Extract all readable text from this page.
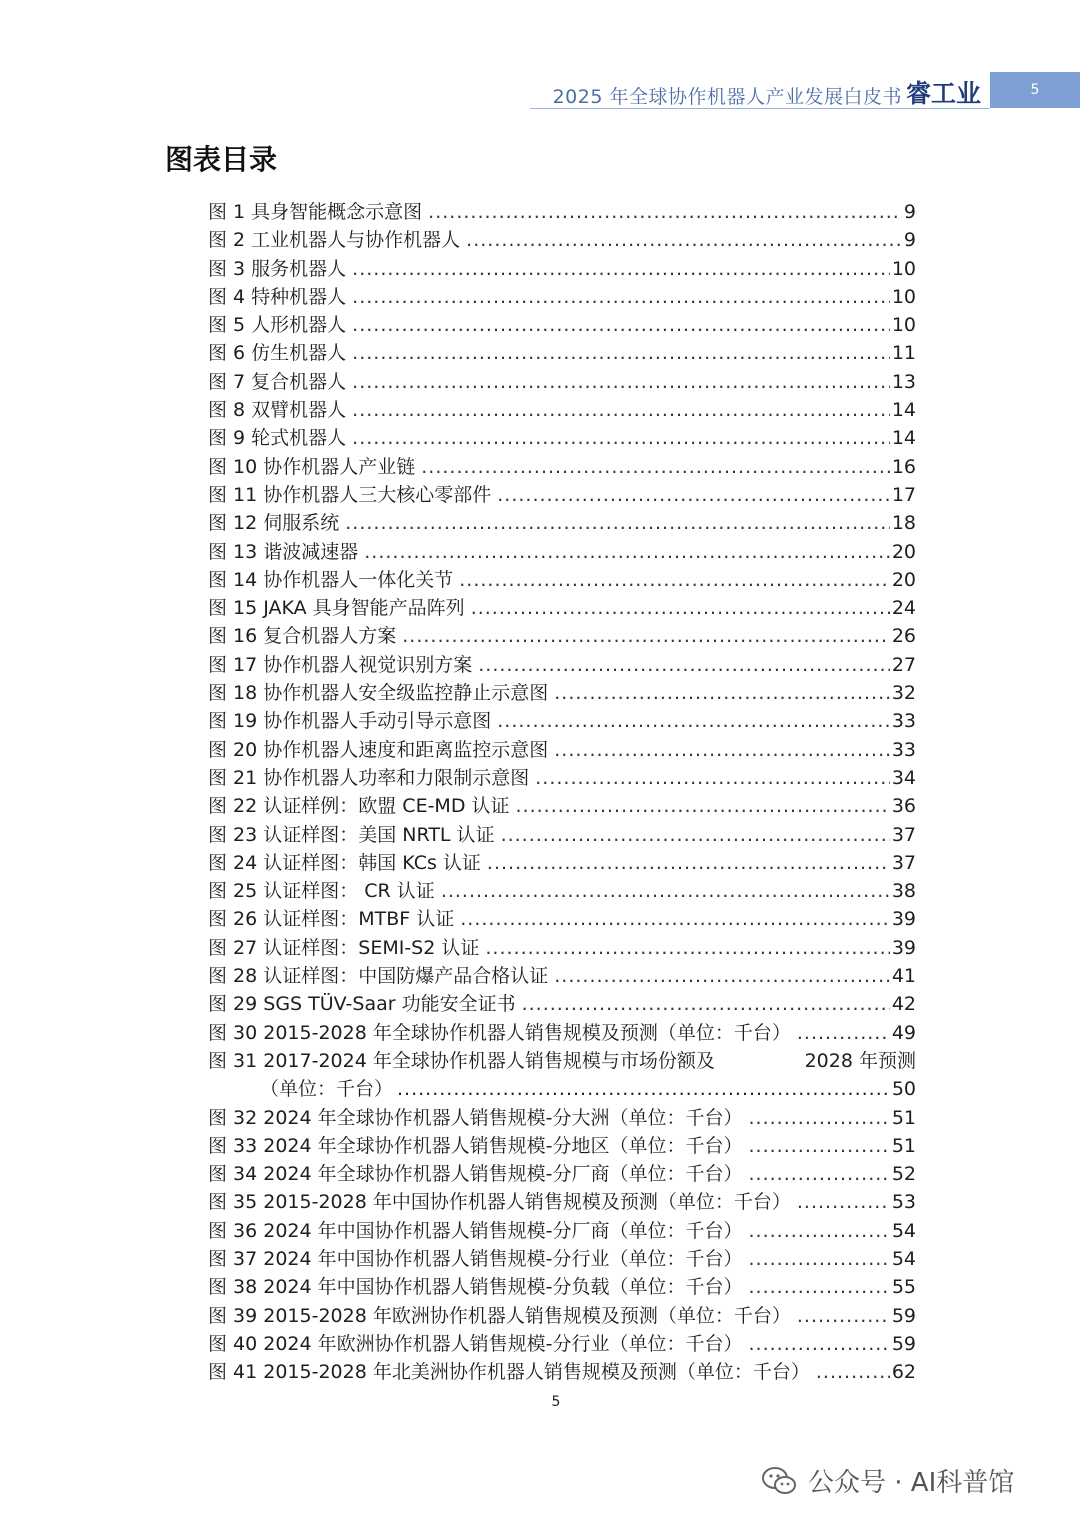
2025 年全球协作机器人产业发展白皮书 睿工业	5
图表目录
图 1 具身智能概念示意图 .....	9
图 2 工业机器人与协作机器人 .....	9
图 3 服务机器人 .....	10
图 4 特种机器人 .....	10
图 5 人形机器人 .....	10
图 6 仿生机器人 .....	11
图 7 复合机器人 .....	13
图 8 双臂机器人 .....	14
图 9 轮式机器人 .....	14
图 10 协作机器人产业链 .....	16
图 11 协作机器人三大核心零部件 .....	17
图 12 伺服系统 .....	18
图 13 谐波减速器 .....	20
图 14 协作机器人一体化关节 .....	20
图 15 JAKA 具身智能产品阵列 .....	24
图 16 复合机器人方案 .....	26
图 17 协作机器人视觉识别方案 .....	27
图 18 协作机器人安全级监控静止示意图 .....	32
图 19 协作机器人手动引导示意图 .....	33
图 20 协作机器人速度和距离监控示意图 .....	33
图 21 协作机器人功率和力限制示意图 .....	34
图 22 认证样例：欧盟 CE-MD 认证 .....	36
图 23 认证样图：美国 NRTL 认证 .....	37
图 24 认证样图：韩国 KCs 认证 .....	37
图 25 认证样图： CR 认证 .....	38
图 26 认证样图：MTBF 认证 .....	39
图 27 认证样图：SEMI-S2 认证 .....	39
图 28 认证样图：中国防爆产品合格认证 .....	41
图 29 SGS TÜV-Saar 功能安全证书 .....	42
图 30 2015-2028 年全球协作机器人销售规模及预测（单位：千台） .....	49
图 31 2017-2024 年全球协作机器人销售规模与市场份额及	2028 年预测
（单位：千台） .....	50
图 32 2024 年全球协作机器人销售规模-分大洲（单位：千台） .....	51
图 33 2024 年全球协作机器人销售规模-分地区（单位：千台） .....	51
图 34 2024 年全球协作机器人销售规模-分厂商（单位：千台） .....	52
图 35 2015-2028 年中国协作机器人销售规模及预测（单位：千台） .....	53
图 36 2024 年中国协作机器人销售规模-分厂商（单位：千台） .....	54
图 37 2024 年中国协作机器人销售规模-分行业（单位：千台） .....	54
图 38 2024 年中国协作机器人销售规模-分负载（单位：千台） .....	55
图 39 2015-2028 年欧洲协作机器人销售规模及预测（单位：千台） .....	59
图 40 2024 年欧洲协作机器人销售规模-分行业（单位：千台） .....	59
图 41 2015-2028 年北美洲协作机器人销售规模及预测（单位：千台） .....	62
5
公众号 · AI科普馆
